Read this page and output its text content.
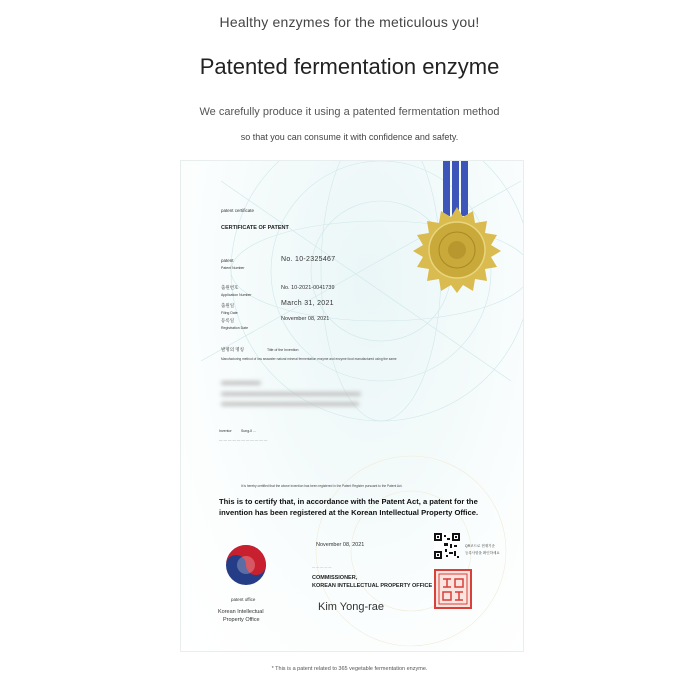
Healthy enzymes for the meticulous you!
Patented fermentation enzyme
We carefully produce it using a patented fermentation method
so that you can consume it with confidence and safety.
patent certificate
CERTIFICATE OF PATENT
patent
Patent Number
No. 10-2325467
출원번호
Application Number
No. 10-2021-0041739
출원일
Filing Date
March 31, 2021
등록일
Registration Date
November 08, 2021
발명의 명칭	Title of the Invention
Manufacturing method of low seawater natural mineral fermentation enzyme and enzyme food manufactured using the same
Inventor	Sung-Il ...
— — — — — — — — — — —
It is hereby certified that the above invention has been registered in the Patent Register pursuant to the Patent Act.
This is to certify that, in accordance with the Patent Act, a patent for the
invention has been registered at the Korean Intellectual Property Office.
patent office
Korean Intellectual
Property Office
November 08, 2021
— — — — —
QR코드로 현재기준
등록사항을 확인하세요
COMMISSIONER,
KOREAN INTELLECTUAL PROPERTY OFFICE
Kim Yong-rae
* This is a patent related to 365 vegetable fermentation enzyme.
